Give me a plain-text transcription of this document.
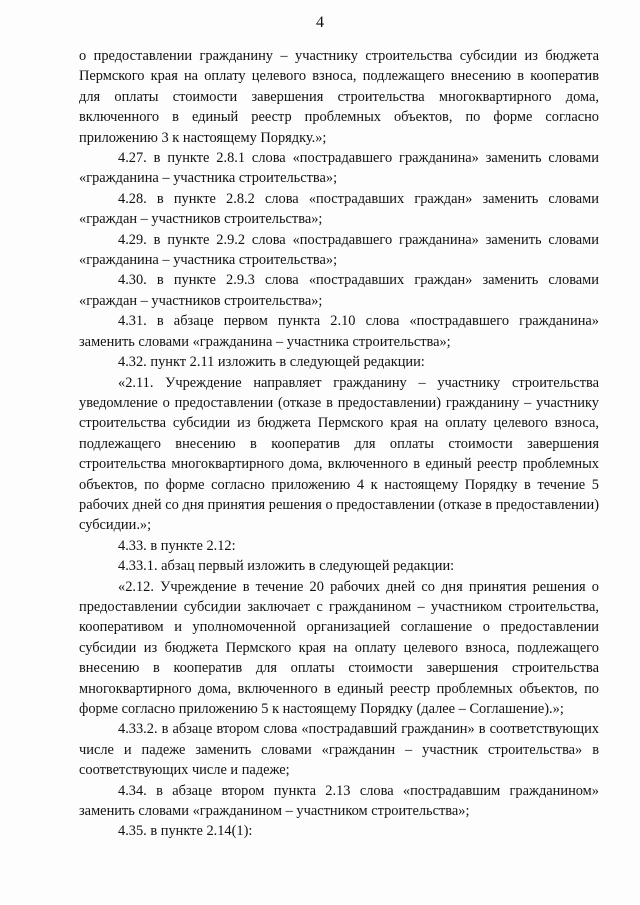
4

о предоставлении гражданину – участнику строительства субсидии из бюджета Пермского края на оплату целевого взноса, подлежащего внесению в кооператив для оплаты стоимости завершения строительства многоквартирного дома, включенного в единый реестр проблемных объектов, по форме согласно приложению 3 к настоящему Порядку.»;

4.27. в пункте 2.8.1 слова «пострадавшего гражданина» заменить словами «гражданина – участника строительства»;

4.28. в пункте 2.8.2 слова «пострадавших граждан» заменить словами «граждан – участников строительства»;

4.29. в пункте 2.9.2 слова «пострадавшего гражданина» заменить словами «гражданина – участника строительства»;

4.30. в пункте 2.9.3 слова «пострадавших граждан» заменить словами «граждан – участников строительства»;

4.31. в абзаце первом пункта 2.10 слова «пострадавшего гражданина» заменить словами «гражданина – участника строительства»;

4.32. пункт 2.11 изложить в следующей редакции:

«2.11. Учреждение направляет гражданину – участнику строительства уведомление о предоставлении (отказе в предоставлении) гражданину – участнику строительства субсидии из бюджета Пермского края на оплату целевого взноса, подлежащего внесению в кооператив для оплаты стоимости завершения строительства многоквартирного дома, включенного в единый реестр проблемных объектов, по форме согласно приложению 4 к настоящему Порядку в течение 5 рабочих дней со дня принятия решения о предоставлении (отказе в предоставлении) субсидии.»;

4.33. в пункте 2.12:

4.33.1. абзац первый изложить в следующей редакции:

«2.12. Учреждение в течение 20 рабочих дней со дня принятия решения о предоставлении субсидии заключает с гражданином – участником строительства, кооперативом и уполномоченной организацией соглашение о предоставлении субсидии из бюджета Пермского края на оплату целевого взноса, подлежащего внесению в кооператив для оплаты стоимости завершения строительства многоквартирного дома, включенного в единый реестр проблемных объектов, по форме согласно приложению 5 к настоящему Порядку (далее – Соглашение).»;

4.33.2. в абзаце втором слова «пострадавший гражданин» в соответствующих числе и падеже заменить словами «гражданин – участник строительства» в соответствующих числе и падеже;

4.34. в абзаце втором пункта 2.13 слова «пострадавшим гражданином» заменить словами «гражданином – участником строительства»;

4.35. в пункте 2.14(1):
